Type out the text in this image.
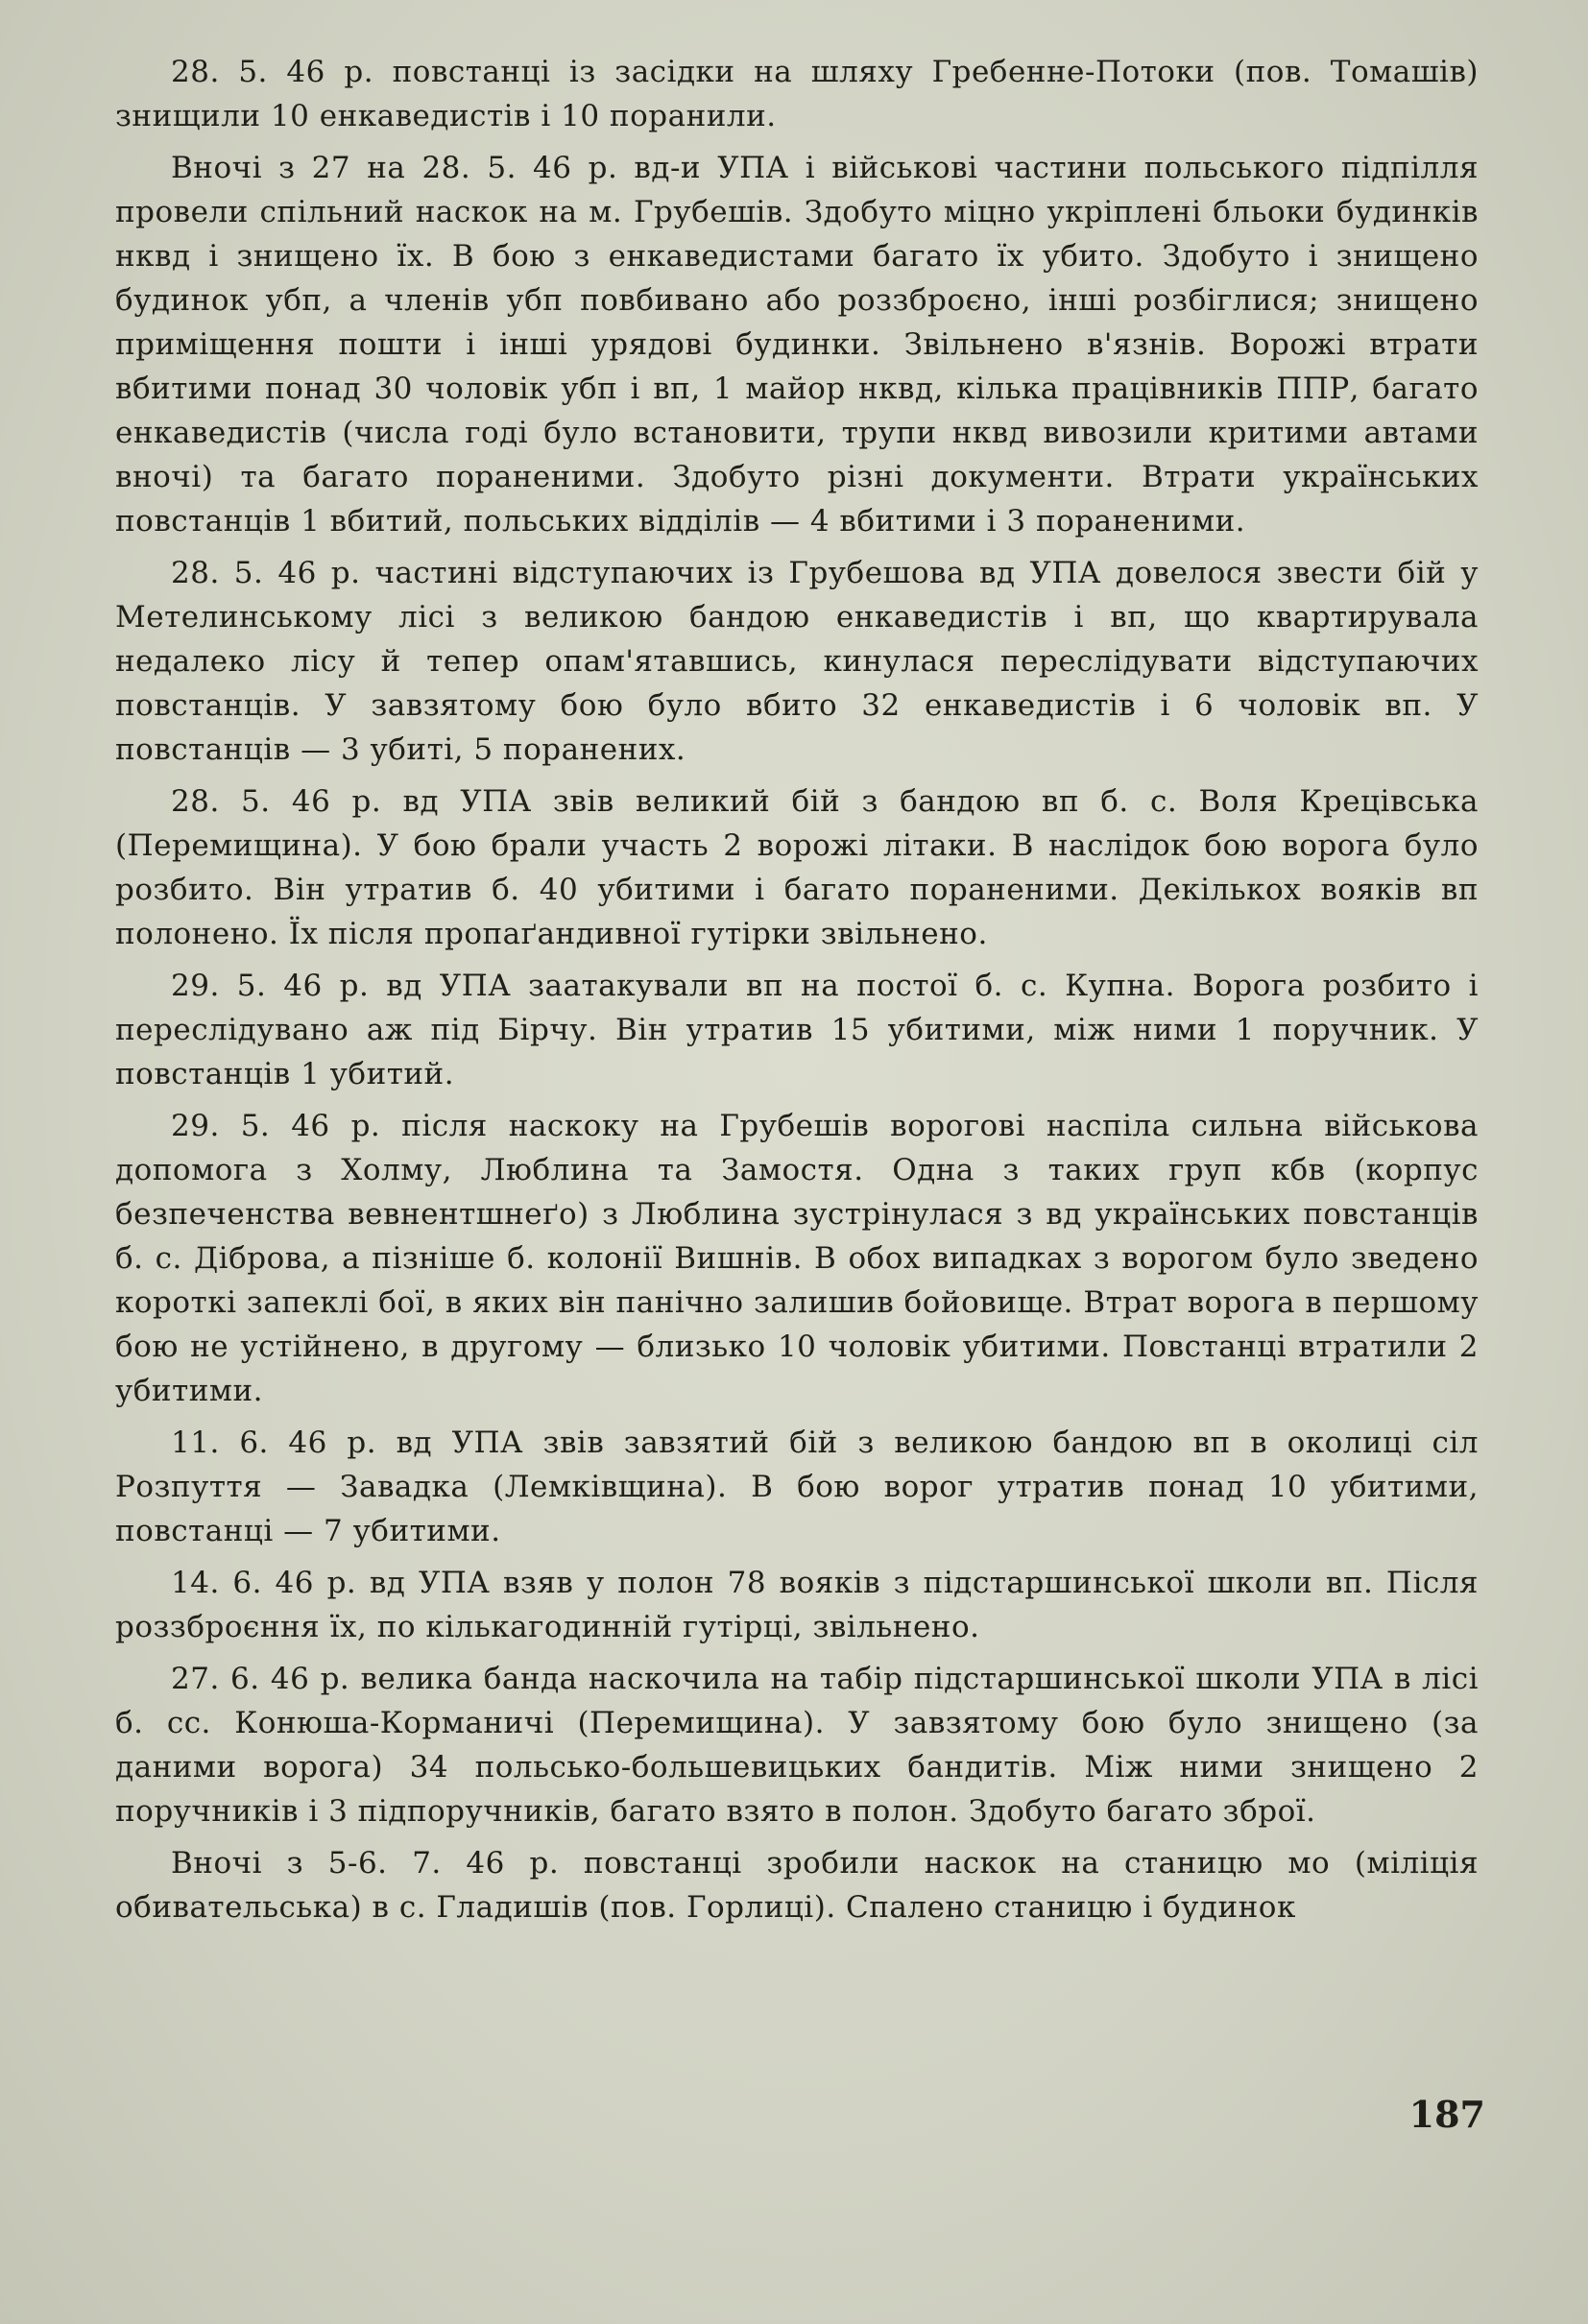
28. 5. 46 р. повстанці із засідки на шляху Гребенне-Потоки (пов. Томашів) знищили 10 енкаведистів і 10 поранили.

Вночі з 27 на 28. 5. 46 р. вд-и УПА і військові частини польського підпілля провели спільний наскок на м. Грубешів. Здобуто міцно укріплені бльоки будинків нквд і знищено їх. В бою з енкаведистами багато їх убито. Здобуто і знищено будинок убп, а членів убп повбивано або роззброєно, інші розбіглися; знищено приміщення пошти і інші урядові будинки. Звільнено в'язнів. Ворожі втрати вбитими понад 30 чоловік убп і вп, 1 майор нквд, кілька працівників ППР, багато енкаведистів (числа годі було встановити, трупи нквд вивозили критими автами вночі) та багато пораненими. Здобуто різні документи. Втрати українських повстанців 1 вбитий, польських відділів — 4 вбитими і 3 пораненими.

28. 5. 46 р. частині відступаючих із Грубешова вд УПА довелося звести бій у Метелинському лісі з великою бандою енкаведистів і вп, що квартирувала недалеко лісу й тепер опам'ятавшись, кинулася переслідувати відступаючих повстанців. У завзятому бою було вбито 32 енкаведистів і 6 чоловік вп. У повстанців — 3 убиті, 5 поранених.

28. 5. 46 р. вд УПА звів великий бій з бандою вп б. с. Воля Крецівська (Перемищина). У бою брали участь 2 ворожі літаки. В наслідок бою ворога було розбито. Він утратив б. 40 убитими і багато пораненими. Декількох вояків вп полонено. Їх після пропаґандивної гутірки звільнено.

29. 5. 46 р. вд УПА заатакували вп на постої б. с. Купна. Ворога розбито і переслідувано аж під Бірчу. Він утратив 15 убитими, між ними 1 поручник. У повстанців 1 убитий.

29. 5. 46 р. після наскоку на Грубешів ворогові наспіла сильна військова допомога з Холму, Люблина та Замостя. Одна з таких груп кбв (корпус безпеченства вевнентшнеґо) з Люблина зустрінулася з вд українських повстанців б. с. Діброва, а пізніше б. колонії Вишнів. В обох випадках з ворогом було зведено короткі запеклі бої, в яких він панічно залишив бойовище. Втрат ворога в першому бою не устійнено, в другому — близько 10 чоловік убитими. Повстанці втратили 2 убитими.

11. 6. 46 р. вд УПА звів завзятий бій з великою бандою вп в околиці сіл Розпуття — Завадка (Лемківщина). В бою ворог утратив понад 10 убитими, повстанці — 7 убитими.

14. 6. 46 р. вд УПА взяв у полон 78 вояків з підстаршинської школи вп. Після роззброєння їх, по кількагодинній гутірці, звільнено.

27. 6. 46 р. велика банда наскочила на табір підстаршинської школи УПА в лісі б. сс. Конюша-Корманичі (Перемищина). У завзятому бою було знищено (за даними ворога) 34 польсько-большевицьких бандитів. Між ними знищено 2 поручників і 3 підпоручників, багато взято в полон. Здобуто багато зброї.

Вночі з 5-6. 7. 46 р. повстанці зробили наскок на станицю мо (міліція обивательська) в с. Гладишів (пов. Горлиці). Спалено станицю і будинок

187
